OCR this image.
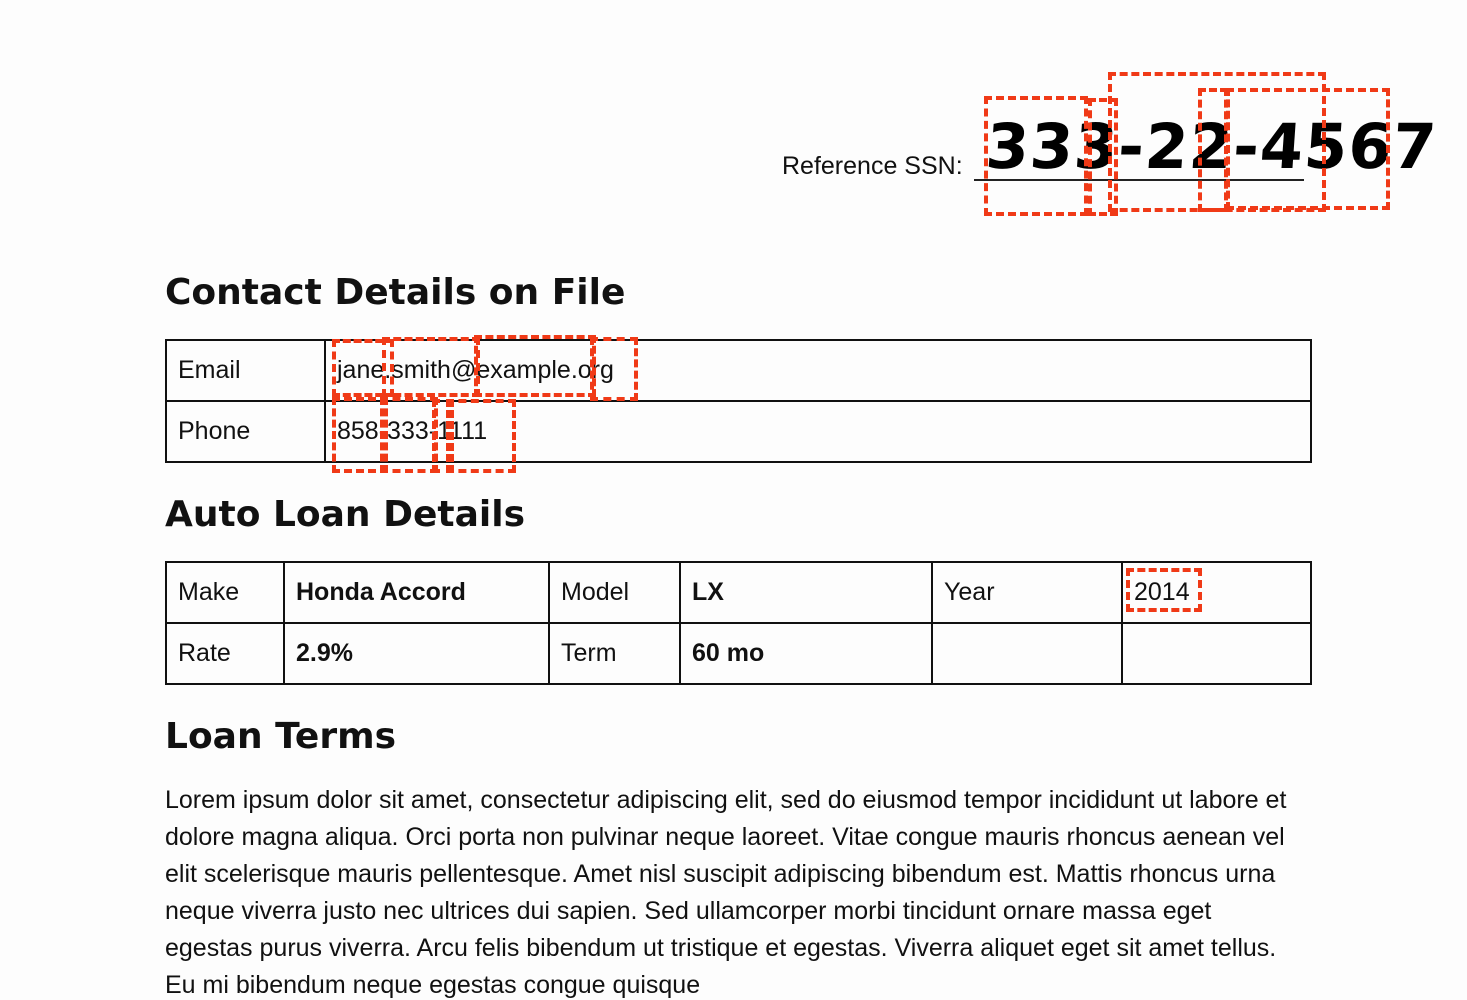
Reference SSN: 333-22-4567
Contact Details on File
Email	jane.smith@example.org
Phone	858-333-1111
Auto Loan Details
Make	Honda Accord	Model	LX	Year	2014
Rate	2.9%	Term	60 mo		
Loan Terms

Lorem ipsum dolor sit amet, consectetur adipiscing elit, sed do eiusmod tempor incididunt ut labore et dolore magna aliqua. Orci porta non pulvinar neque laoreet. Vitae congue mauris rhoncus aenean vel elit scelerisque mauris pellentesque. Amet nisl suscipit adipiscing bibendum est. Mattis rhoncus urna neque viverra justo nec ultrices dui sapien. Sed ullamcorper morbi tincidunt ornare massa eget egestas purus viverra. Arcu felis bibendum ut tristique et egestas. Viverra aliquet eget sit amet tellus. Eu mi bibendum neque egestas congue quisque
